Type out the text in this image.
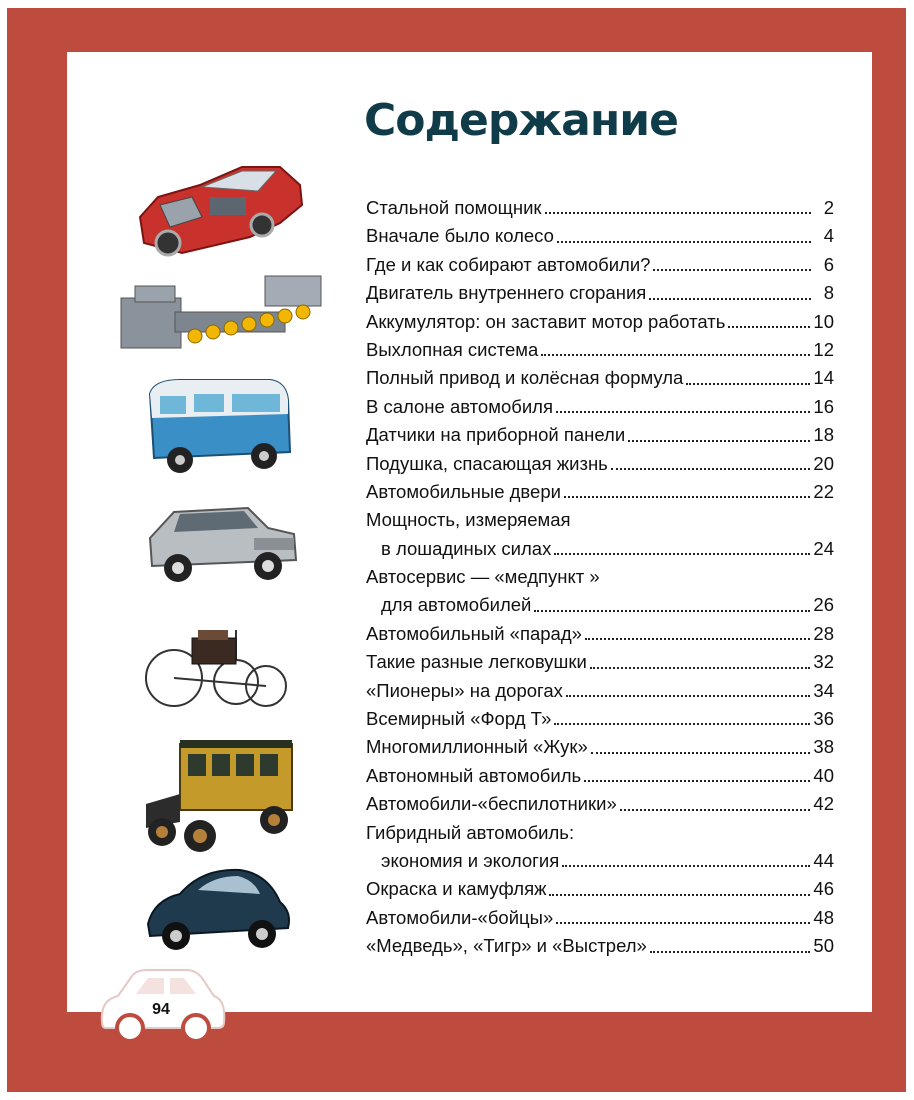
Содержание
Стальной помощник	2
Вначале было колесо	4
Где и как собирают автомобили?	6
Двигатель внутреннего сгорания	8
Аккумулятор: он заставит мотор работать	10
Выхлопная система	12
Полный привод и колёсная формула	14
В салоне автомобиля	16
Датчики на приборной панели	18
Подушка, спасающая жизнь	20
Автомобильные двери	22
Мощность, измеряемая
в лошадиных силах	24
Автосервис — «медпункт »
для автомобилей	26
Автомобильный «парад»	28
Такие разные легковушки	32
«Пионеры» на дорогах	34
Всемирный «Форд Т»	36
Многомиллионный «Жук»	38
Автономный автомобиль	40
Автомобили-«беспилотники»	42
Гибридный автомобиль:
экономия и экология	44
Окраска и камуфляж	46
Автомобили-«бойцы»	48
«Медведь», «Тигр» и «Выстрел»	50
94
